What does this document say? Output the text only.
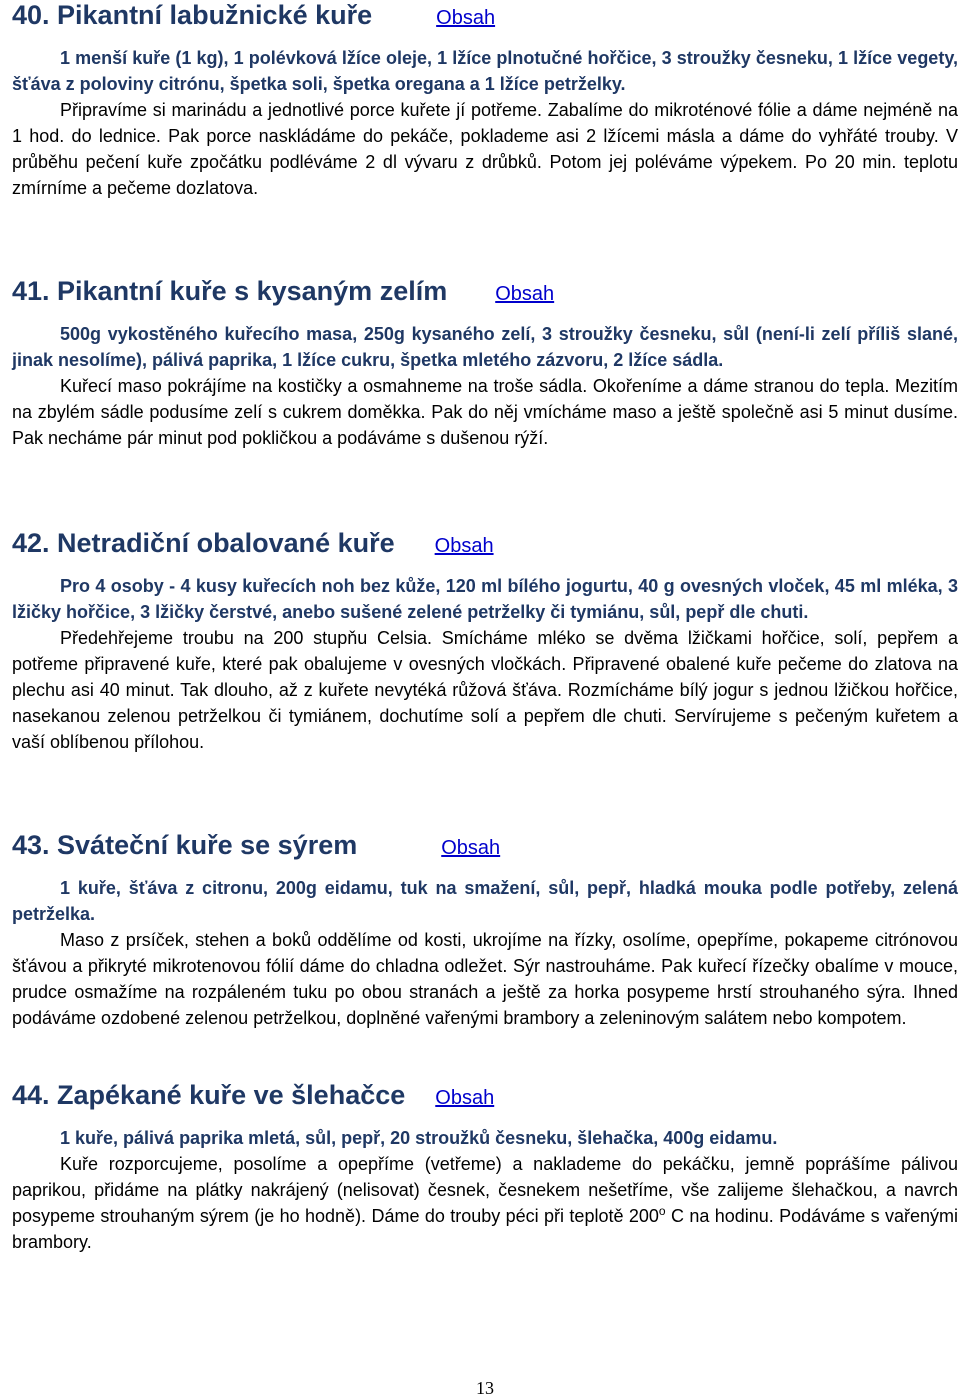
40. Pikantní labužnické kuře	Obsah

1 menší kuře (1 kg), 1 polévková lžíce oleje, 1 lžíce plnotučné hořčice, 3 stroužky česneku, 1 lžíce vegety, šťáva z poloviny citrónu, špetka soli, špetka oregana a 1 lžíce petrželky.

Připravíme si marinádu a jednotlivé porce kuřete jí potřeme. Zabalíme do mikroténové fólie a dáme nejméně na 1 hod. do lednice. Pak porce naskládáme do pekáče, poklademe asi 2 lžícemi másla a dáme do vyhřáté trouby. V průběhu pečení kuře zpočátku podléváme 2 dl vývaru z drůbků. Potom jej poléváme výpekem. Po 20 min. teplotu zmírníme a pečeme dozlatova.

41. Pikantní kuře s kysaným zelím Obsah

500g vykostěného kuřecího masa, 250g kysaného zelí, 3 stroužky česneku, sůl (není-li zelí příliš slané, jinak nesolíme), pálivá paprika, 1 lžíce cukru, špetka mletého zázvoru, 2 lžíce sádla.

Kuřecí maso pokrájíme na kostičky a osmahneme na troše sádla. Okořeníme a dáme stranou do tepla. Mezitím na zbylém sádle podusíme zelí s cukrem doměkka. Pak do něj vmícháme maso a ještě společně asi 5 minut dusíme. Pak necháme pár minut pod pokličkou a podáváme s dušenou rýží.

42. Netradiční obalované kuře Obsah

Pro 4 osoby - 4 kusy kuřecích noh bez kůže, 120 ml bílého jogurtu, 40 g ovesných vloček, 45 ml mléka, 3 lžičky hořčice, 3 lžičky čerstvé, anebo sušené zelené petrželky či tymiánu, sůl, pepř dle chuti.

Předehřejeme troubu na 200 stupňu Celsia. Smícháme mléko se dvěma lžičkami hořčice, solí, pepřem a potřeme připravené kuře, které pak obalujeme v ovesných vločkách. Připravené obalené kuře pečeme do zlatova na plechu asi 40 minut. Tak dlouho, až z kuřete nevytéká růžová šťáva. Rozmícháme bílý jogur s jednou lžičkou hořčice, nasekanou zelenou petrželkou či tymiánem, dochutíme solí a pepřem dle chuti. Servírujeme s pečeným kuřetem a vaší oblíbenou přílohou.

43. Sváteční kuře se sýrem	Obsah

1 kuře, šťáva z citronu, 200g eidamu, tuk na smažení, sůl, pepř, hladká mouka podle potřeby, zelená petrželka.

Maso z prsíček, stehen a boků oddělíme od kosti, ukrojíme na řízky, osolíme, opepříme, pokapeme citrónovou šťávou a přikryté mikrotenovou fólií dáme do chladna odležet. Sýr nastrouháme. Pak kuřecí řízečky obalíme v mouce, prudce osmažíme na rozpáleném tuku po obou stranách a ještě za horka posypeme hrstí strouhaného sýra. Ihned podáváme ozdobené zelenou petrželkou, doplněné vařenými brambory a zeleninovým salátem nebo kompotem.

44. Zapékané kuře ve šlehačce Obsah

1 kuře, pálivá paprika mletá, sůl, pepř, 20 stroužků česneku, šlehačka, 400g eidamu.

Kuře rozporcujeme, posolíme a opepříme (vetřeme) a naklademe do pekáčku, jemně poprášíme pálivou paprikou, přidáme na plátky nakrájený (nelisovat) česnek, česnekem nešetříme, vše zalijeme šlehačkou, a navrch posypeme strouhaným sýrem (je ho hodně). Dáme do trouby péci při teplotě 200$^o$ C na hodinu. Podáváme s vařenými brambory.

13
